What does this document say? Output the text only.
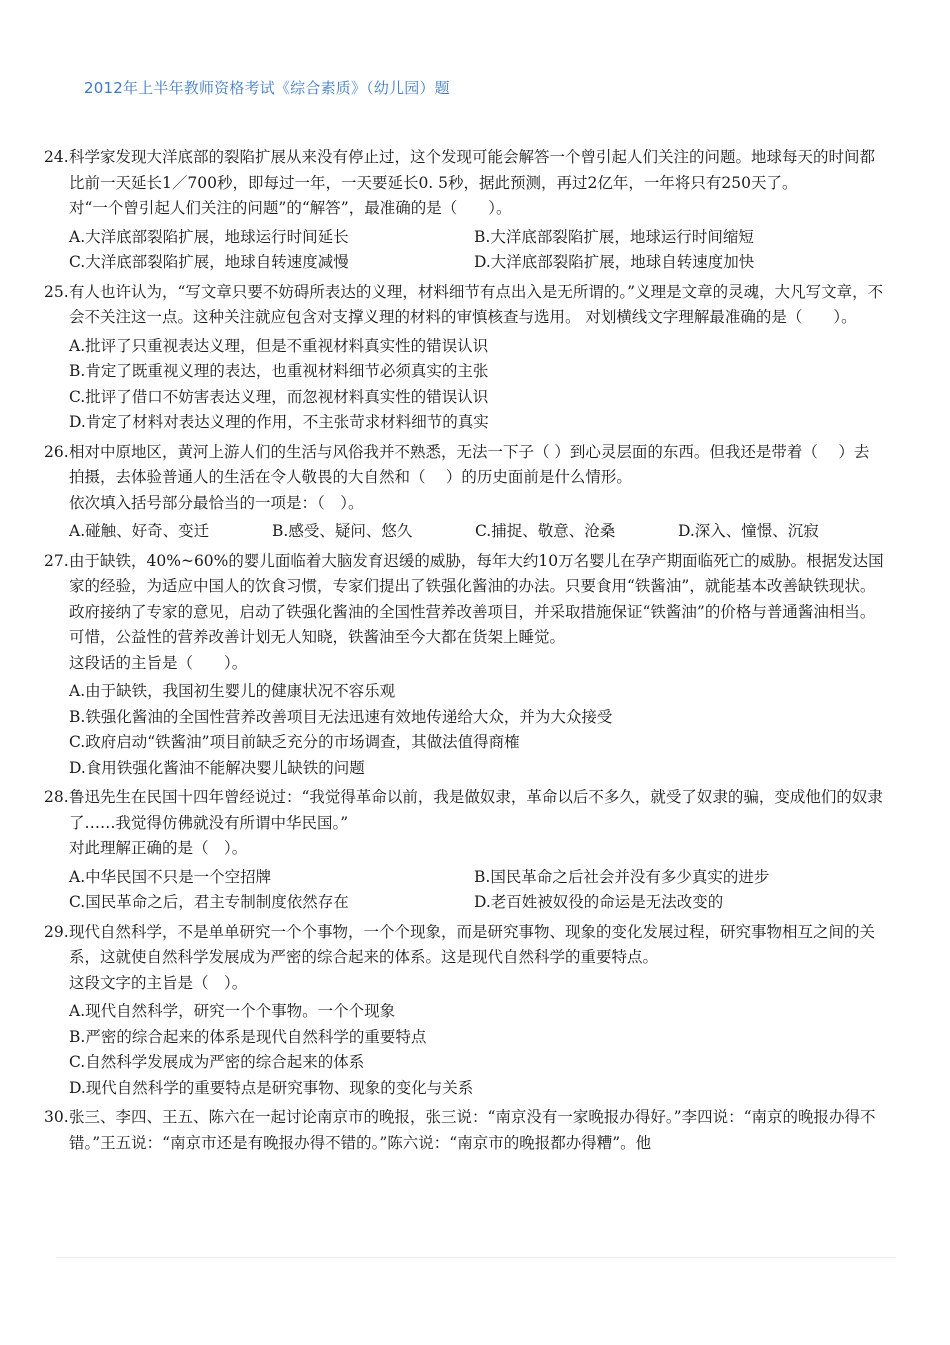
2012年上半年教师资格考试《综合素质》（幼儿园）题
24. 科学家发现大洋底部的裂陷扩展从来没有停止过，这个发现可能会解答一个曾引起人们关注的问题。地球每天的时间都比前一天延长1／700秒，即每过一年，一天要延长0. 5秒，据此预测，再过2亿年，一年将只有250天了。
对“一个曾引起人们关注的问题”的“解答”，最准确的是（　　）。
A.大洋底部裂陷扩展，地球运行时间延长	B.大洋底部裂陷扩展，地球运行时间缩短
C.大洋底部裂陷扩展，地球自转速度减慢	D.大洋底部裂陷扩展，地球自转速度加快
25. 有人也许认为，“写文章只要不妨碍所表达的义理，材料细节有点出入是无所谓的。”义理是文章的灵魂，大凡写文章，不会不关注这一点。这种关注就应包含对支撑义理的材料的审慎核查与选用。 对划横线文字理解最准确的是（　　）。
A.批评了只重视表达义理，但是不重视材料真实性的错误认识
B.肯定了既重视义理的表达，也重视材料细节必须真实的主张
C.批评了借口不妨害表达义理，而忽视材料真实性的错误认识
D.肯定了材料对表达义理的作用，不主张苛求材料细节的真实
26. 相对中原地区，黄河上游人们的生活与风俗我并不熟悉，无法一下子（ ）到心灵层面的东西。但我还是带着（　 ）去拍摄，去体验普通人的生活在令人敬畏的大自然和（　 ）的历史面前是什么情形。
依次填入括号部分最恰当的一项是：（　）。
A.碰触、好奇、变迁	B.感受、疑问、悠久	C.捕捉、敬意、沧桑	D.深入、憧憬、沉寂
27. 由于缺铁，40%~60%的婴儿面临着大脑发育迟缓的威胁，每年大约10万名婴儿在孕产期面临死亡的威胁。根据发达国家的经验，为适应中国人的饮食习惯，专家们提出了铁强化酱油的办法。只要食用“铁酱油”，就能基本改善缺铁现状。政府接纳了专家的意见，启动了铁强化酱油的全国性营养改善项目，并采取措施保证“铁酱油”的价格与普通酱油相当。可惜，公益性的营养改善计划无人知晓，铁酱油至今大都在货架上睡觉。
这段话的主旨是（　　）。
A.由于缺铁，我国初生婴儿的健康状况不容乐观
B.铁强化酱油的全国性营养改善项目无法迅速有效地传递给大众，并为大众接受
C.政府启动“铁酱油”项目前缺乏充分的市场调查，其做法值得商榷
D.食用铁强化酱油不能解决婴儿缺铁的问题
28. 鲁迅先生在民国十四年曾经说过：“我觉得革命以前，我是做奴隶，革命以后不多久，就受了奴隶的骗，变成他们的奴隶了……我觉得仿佛就没有所谓中华民国。”
对此理解正确的是（　）。
A.中华民国不只是一个空招牌	B.国民革命之后社会并没有多少真实的进步
C.国民革命之后，君主专制制度依然存在	D.老百姓被奴役的命运是无法改变的
29. 现代自然科学，不是单单研究一个个事物，一个个现象，而是研究事物、现象的变化发展过程，研究事物相互之间的关系，这就使自然科学发展成为严密的综合起来的体系。这是现代自然科学的重要特点。
这段文字的主旨是（　）。
A.现代自然科学，研究一个个事物。一个个现象
B.严密的综合起来的体系是现代自然科学的重要特点
C.自然科学发展成为严密的综合起来的体系
D.现代自然科学的重要特点是研究事物、现象的变化与关系
30. 张三、李四、王五、陈六在一起讨论南京市的晚报，张三说：“南京没有一家晚报办得好。”李四说：“南京的晚报办得不错。”王五说：“南京市还是有晚报办得不错的。”陈六说：“南京市的晚报都办得糟”。他
